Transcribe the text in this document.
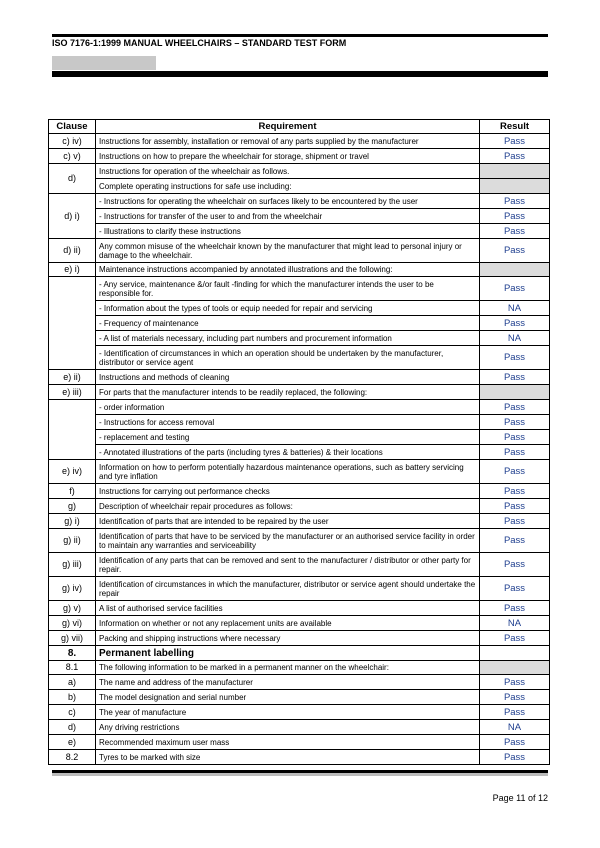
ISO 7176-1:1999 MANUAL WHEELCHAIRS – STANDARD TEST FORM
Clause	Requirement	Result
c) iv)	Instructions for assembly, installation or removal of any parts supplied by the manufacturer	Pass
c) v)	Instructions on how to prepare the wheelchair for storage, shipment or travel	Pass
d)	Instructions for operation of the wheelchair as follows.	
	Complete operating instructions for safe use including:	
d) i)	- Instructions for operating the wheelchair on surfaces likely to be encountered by the user	Pass
	- Instructions for transfer of the user to and from the wheelchair	Pass
	- Illustrations to clarify these instructions	Pass
d) ii)	Any common misuse of the wheelchair known by the manufacturer that might lead to personal injury or damage to the wheelchair.	Pass
e) i)	Maintenance instructions accompanied by annotated illustrations and the following:	
	- Any service, maintenance &/or fault -finding for which the manufacturer intends the user to be responsible for.	Pass
	- Information about the types of tools or equip needed for repair and servicing	NA
	- Frequency of maintenance	Pass
	- A list of materials necessary, including part numbers and procurement information	NA
	- Identification of circumstances in which an operation should be undertaken by the manufacturer, distributor or service agent	Pass
e) ii)	Instructions and methods of cleaning	Pass
e) iii)	For parts that the manufacturer intends to be readily replaced, the following:	
	- order information	Pass
	- Instructions for access removal	Pass
	- replacement and testing	Pass
	- Annotated illustrations of the parts (including tyres & batteries) & their locations	Pass
e) iv)	Information on how to perform potentially hazardous maintenance operations, such as battery servicing and tyre inflation	Pass
f)	Instructions for carrying out performance checks	Pass
g)	Description of wheelchair repair procedures as follows:	Pass
g) i)	Identification of parts that are intended to be repaired by the user	Pass
g) ii)	Identification of parts that have to be serviced by the manufacturer or an authorised service facility in order to maintain any warranties and serviceability	Pass
g) iii)	Identification of any parts that can be removed and sent to the manufacturer / distributor or other party for repair.	Pass
g) iv)	Identification of circumstances in which the manufacturer, distributor or service agent should undertake the repair	Pass
g) v)	A list of authorised service facilities	Pass
g) vi)	Information on whether or not any replacement units are available	NA
g) vii)	Packing and shipping instructions where necessary	Pass
8.	Permanent labelling	
8.1	The following information to be marked in a permanent manner on the wheelchair:	
a)	The name and address of the manufacturer	Pass
b)	The model designation and serial number	Pass
c)	The year of manufacture	Pass
d)	Any driving restrictions	NA
e)	Recommended maximum user mass	Pass
8.2	Tyres to be marked with size	Pass
Page 11 of 12
